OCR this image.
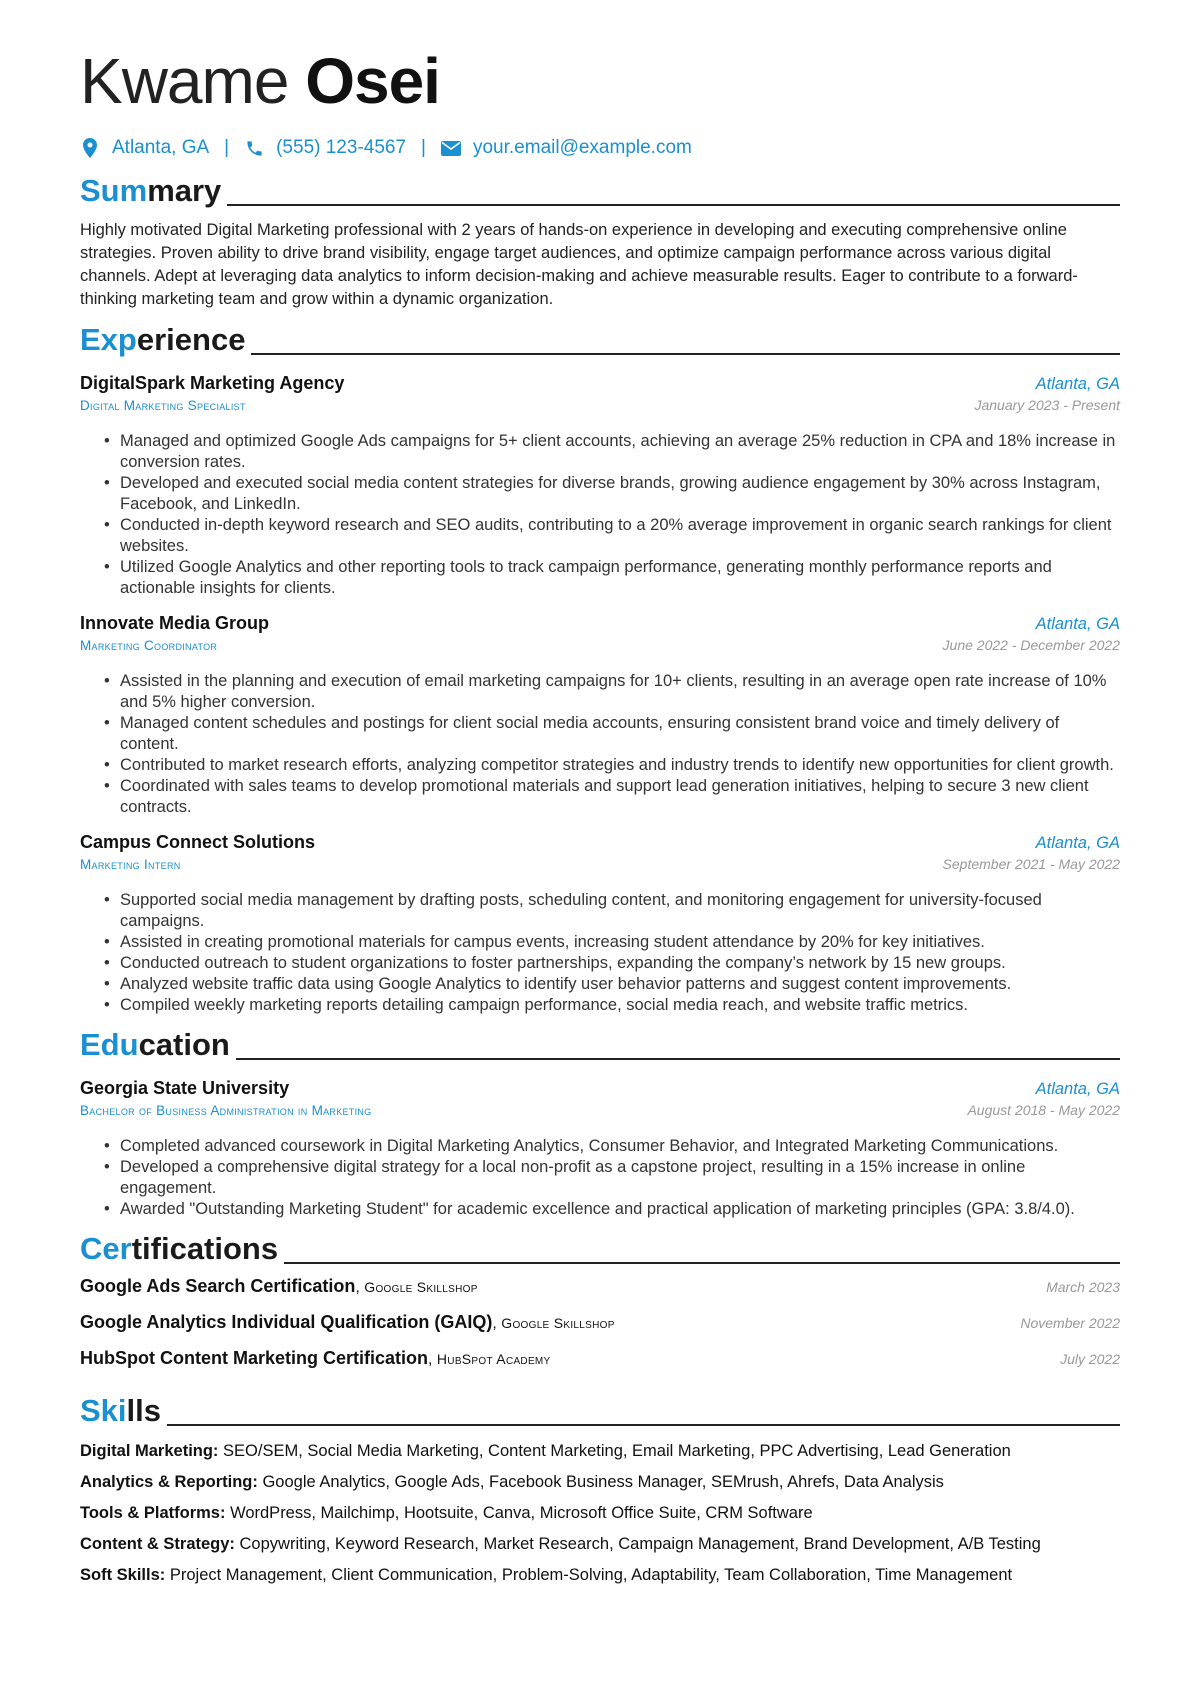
Kwame Osei
Atlanta, GA | (555) 123-4567 | your.email@example.com
Summary

Highly motivated Digital Marketing professional with 2 years of hands-on experience in developing and executing comprehensive online strategies. Proven ability to drive brand visibility, engage target audiences, and optimize campaign performance across various digital channels. Adept at leveraging data analytics to inform decision-making and achieve measurable results. Eager to contribute to a forward-thinking marketing team and grow within a dynamic organization.

Experience
DigitalSpark Marketing Agency	Atlanta, GA
Digital Marketing Specialist	January 2023 - Present
• Managed and optimized Google Ads campaigns for 5+ client accounts, achieving an average 25% reduction in CPA and 18% increase in conversion rates.
• Developed and executed social media content strategies for diverse brands, growing audience engagement by 30% across Instagram, Facebook, and LinkedIn.
• Conducted in-depth keyword research and SEO audits, contributing to a 20% average improvement in organic search rankings for client websites.
• Utilized Google Analytics and other reporting tools to track campaign performance, generating monthly performance reports and actionable insights for clients.
Innovate Media Group	Atlanta, GA
Marketing Coordinator	June 2022 - December 2022
• Assisted in the planning and execution of email marketing campaigns for 10+ clients, resulting in an average open rate increase of 10% and 5% higher conversion.
• Managed content schedules and postings for client social media accounts, ensuring consistent brand voice and timely delivery of content.
• Contributed to market research efforts, analyzing competitor strategies and industry trends to identify new opportunities for client growth.
• Coordinated with sales teams to develop promotional materials and support lead generation initiatives, helping to secure 3 new client contracts.
Campus Connect Solutions	Atlanta, GA
Marketing Intern	September 2021 - May 2022
• Supported social media management by drafting posts, scheduling content, and monitoring engagement for university-focused campaigns.
• Assisted in creating promotional materials for campus events, increasing student attendance by 20% for key initiatives.
• Conducted outreach to student organizations to foster partnerships, expanding the company’s network by 15 new groups.
• Analyzed website traffic data using Google Analytics to identify user behavior patterns and suggest content improvements.
• Compiled weekly marketing reports detailing campaign performance, social media reach, and website traffic metrics.
Education
Georgia State University	Atlanta, GA
Bachelor of Business Administration in Marketing	August 2018 - May 2022
• Completed advanced coursework in Digital Marketing Analytics, Consumer Behavior, and Integrated Marketing Communications.
• Developed a comprehensive digital strategy for a local non-profit as a capstone project, resulting in a 15% increase in online engagement.
• Awarded "Outstanding Marketing Student" for academic excellence and practical application of marketing principles (GPA: 3.8/4.0).
Certifications
Google Ads Search Certification, Google Skillshop	March 2023
Google Analytics Individual Qualification (GAIQ), Google Skillshop	November 2022
HubSpot Content Marketing Certification, HubSpot Academy	July 2022
Skills
Digital Marketing: SEO/SEM, Social Media Marketing, Content Marketing, Email Marketing, PPC Advertising, Lead Generation
Analytics & Reporting: Google Analytics, Google Ads, Facebook Business Manager, SEMrush, Ahrefs, Data Analysis
Tools & Platforms: WordPress, Mailchimp, Hootsuite, Canva, Microsoft Office Suite, CRM Software
Content & Strategy: Copywriting, Keyword Research, Market Research, Campaign Management, Brand Development, A/B Testing
Soft Skills: Project Management, Client Communication, Problem-Solving, Adaptability, Team Collaboration, Time Management
